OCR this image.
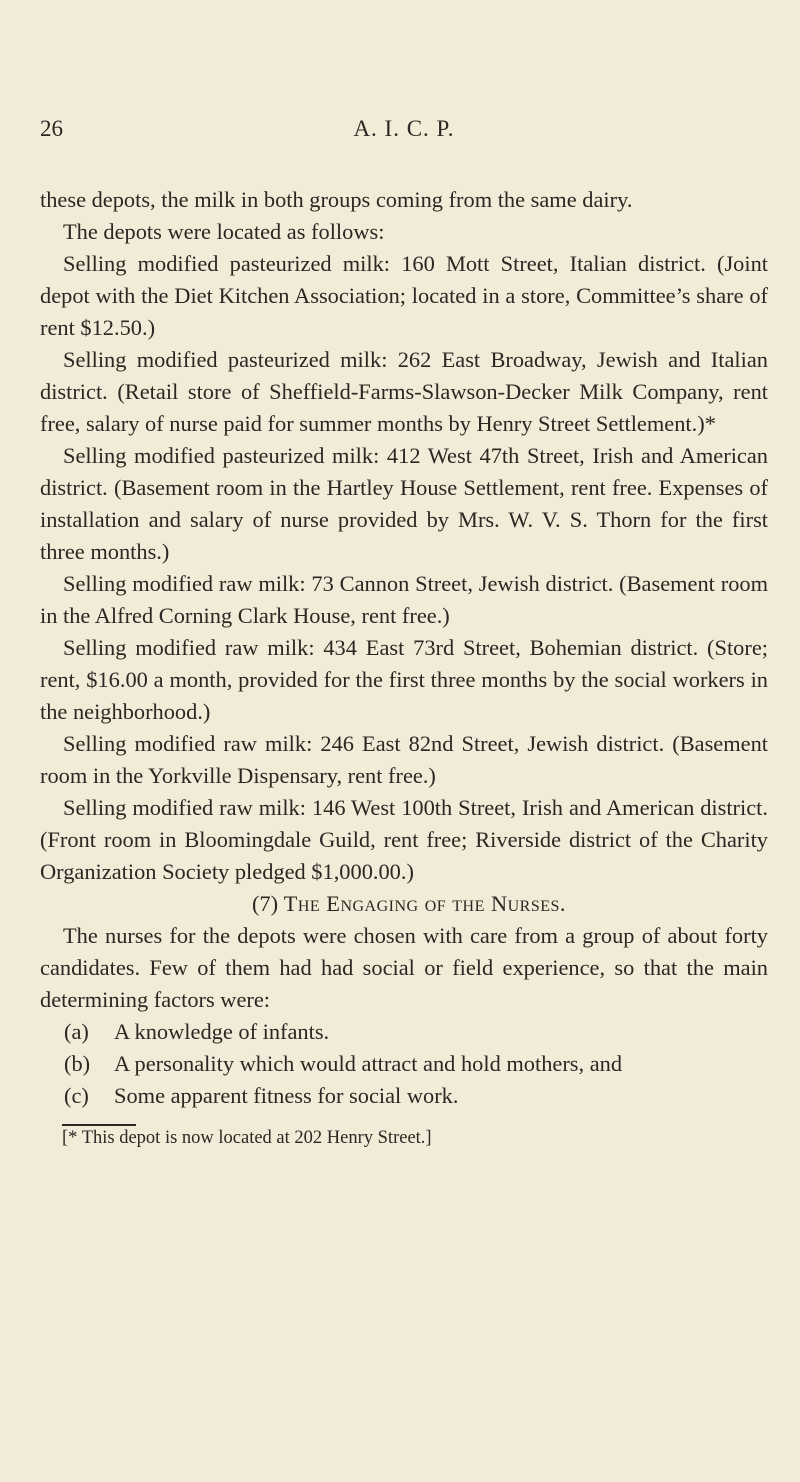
26	A. I. C. P.

these depots, the milk in both groups coming from the same dairy.

The depots were located as follows:

Selling modified pasteurized milk: 160 Mott Street, Italian district. (Joint depot with the Diet Kitchen Association; located in a store, Committee’s share of rent $12.50.)

Selling modified pasteurized milk: 262 East Broadway, Jewish and Italian district. (Retail store of Sheffield-Farms-Slawson-Decker Milk Company, rent free, salary of nurse paid for summer months by Henry Street Settlement.)*

Selling modified pasteurized milk: 412 West 47th Street, Irish and American district. (Basement room in the Hartley House Settlement, rent free. Expenses of installation and salary of nurse provided by Mrs. W. V. S. Thorn for the first three months.)

Selling modified raw milk: 73 Cannon Street, Jewish district. (Basement room in the Alfred Corning Clark House, rent free.)

Selling modified raw milk: 434 East 73rd Street, Bohemian district. (Store; rent, $16.00 a month, provided for the first three months by the social workers in the neighborhood.)

Selling modified raw milk: 246 East 82nd Street, Jewish district. (Basement room in the Yorkville Dispensary, rent free.)

Selling modified raw milk: 146 West 100th Street, Irish and American district. (Front room in Bloomingdale Guild, rent free; Riverside district of the Charity Organization Society pledged $1,000.00.)

(7) The Engaging of the Nurses.

The nurses for the depots were chosen with care from a group of about forty candidates. Few of them had had social or field experience, so that the main determining factors were:

(a)	A knowledge of infants.
(b)	A personality which would attract and hold mothers, and
(c)	Some apparent fitness for social work.

[* This depot is now located at 202 Henry Street.]
